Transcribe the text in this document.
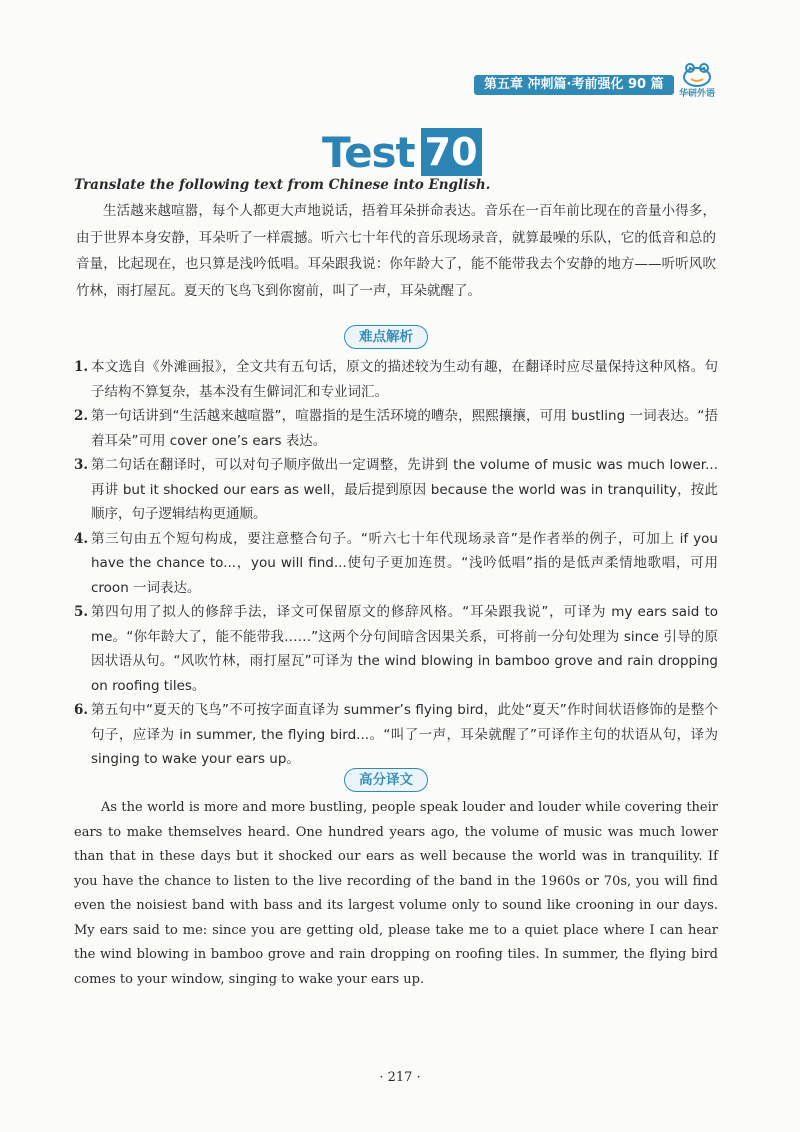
第五章 冲刺篇·考前强化 90 篇
华研外语
Test 70
Translate the following text from Chinese into English.
生活越来越喧嚣，每个人都更大声地说话，捂着耳朵拼命表达。音乐在一百年前比现在的音量小得多，由于世界本身安静，耳朵听了一样震撼。听六七十年代的音乐现场录音，就算最噪的乐队，它的低音和总的音量，比起现在，也只算是浅吟低唱。耳朵跟我说：你年龄大了，能不能带我去个安静的地方——听听风吹竹林，雨打屋瓦。夏天的飞鸟飞到你窗前，叫了一声，耳朵就醒了。
难点解析
1. 本文选自《外滩画报》，全文共有五句话，原文的描述较为生动有趣，在翻译时应尽量保持这种风格。句子结构不算复杂，基本没有生僻词汇和专业词汇。
2. 第一句话讲到“生活越来越喧嚣”，喧嚣指的是生活环境的嘈杂，熙熙攘攘，可用 bustling 一词表达。“捂着耳朵”可用 cover one’s ears 表达。
3. 第二句话在翻译时，可以对句子顺序做出一定调整，先讲到 the volume of music was much lower...再讲 but it shocked our ears as well，最后提到原因 because the world was in tranquility，按此顺序，句子逻辑结构更通顺。
4. 第三句由五个短句构成，要注意整合句子。“听六七十年代现场录音”是作者举的例子，可加上 if you have the chance to...，you will find...使句子更加连贯。“浅吟低唱”指的是低声柔情地歌唱，可用 croon 一词表达。
5. 第四句用了拟人的修辞手法，译文可保留原文的修辞风格。“耳朵跟我说”，可译为 my ears said to me。“你年龄大了，能不能带我……”这两个分句间暗含因果关系，可将前一分句处理为 since 引导的原因状语从句。“风吹竹林，雨打屋瓦”可译为 the wind blowing in bamboo grove and rain dropping on roofing tiles。
6. 第五句中“夏天的飞鸟”不可按字面直译为 summer’s flying bird，此处“夏天”作时间状语修饰的是整个句子，应译为 in summer, the flying bird...。“叫了一声，耳朵就醒了”可译作主句的状语从句，译为 singing to wake your ears up。
高分译文
As the world is more and more bustling, people speak louder and louder while covering their ears to make themselves heard. One hundred years ago, the volume of music was much lower than that in these days but it shocked our ears as well because the world was in tranquility. If you have the chance to listen to the live recording of the band in the 1960s or 70s, you will find even the noisiest band with bass and its largest volume only to sound like crooning in our days. My ears said to me: since you are getting old, please take me to a quiet place where I can hear the wind blowing in bamboo grove and rain dropping on roofing tiles. In summer, the flying bird comes to your window, singing to wake your ears up.
· 217 ·
